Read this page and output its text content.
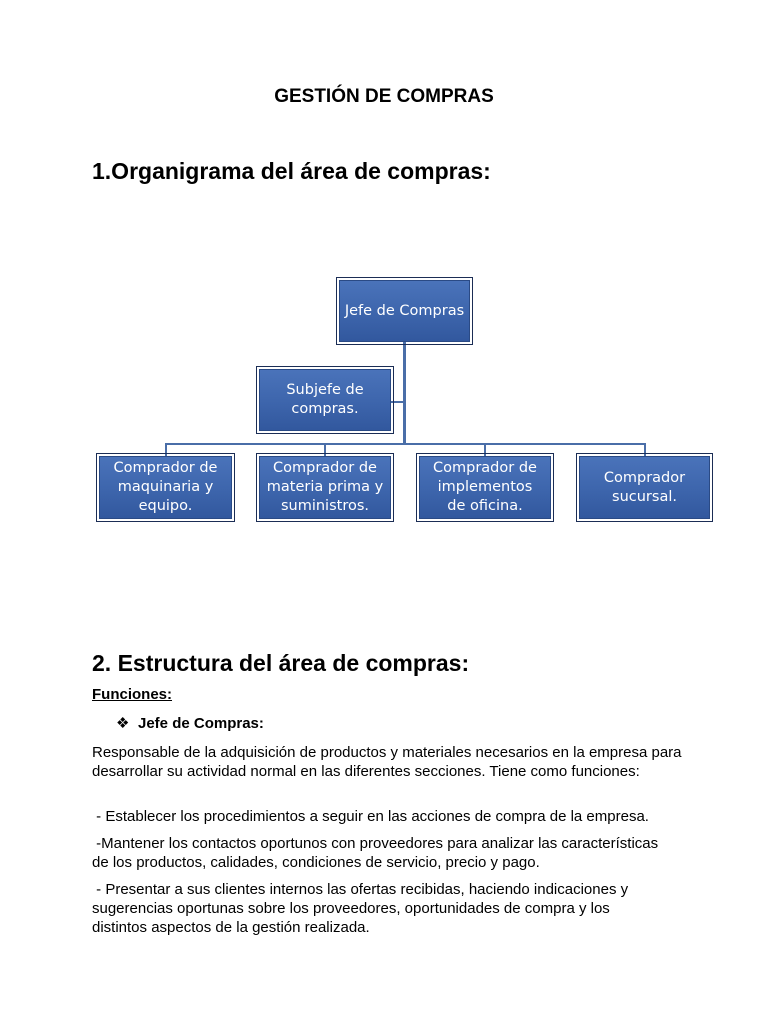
GESTIÓN DE COMPRAS
1.Organigrama del área de compras:
Jefe de Compras
Subjefe de
compras.
Comprador de
maquinaria y
equipo.
Comprador de
materia prima y
suministros.
Comprador de
implementos
de oficina.
Comprador
sucursal.
2. Estructura del área de compras:
Funciones:
❖ Jefe de Compras:
Responsable de la adquisición de productos y materiales necesarios en la empresa para desarrollar su actividad normal en las diferentes secciones. Tiene como funciones:
- Establecer los procedimientos a seguir en las acciones de compra de la empresa.
-Mantener los contactos oportunos con proveedores para analizar las características de los productos, calidades, condiciones de servicio, precio y pago.
- Presentar a sus clientes internos las ofertas recibidas, haciendo indicaciones y sugerencias oportunas sobre los proveedores, oportunidades de compra y los distintos aspectos de la gestión realizada.
